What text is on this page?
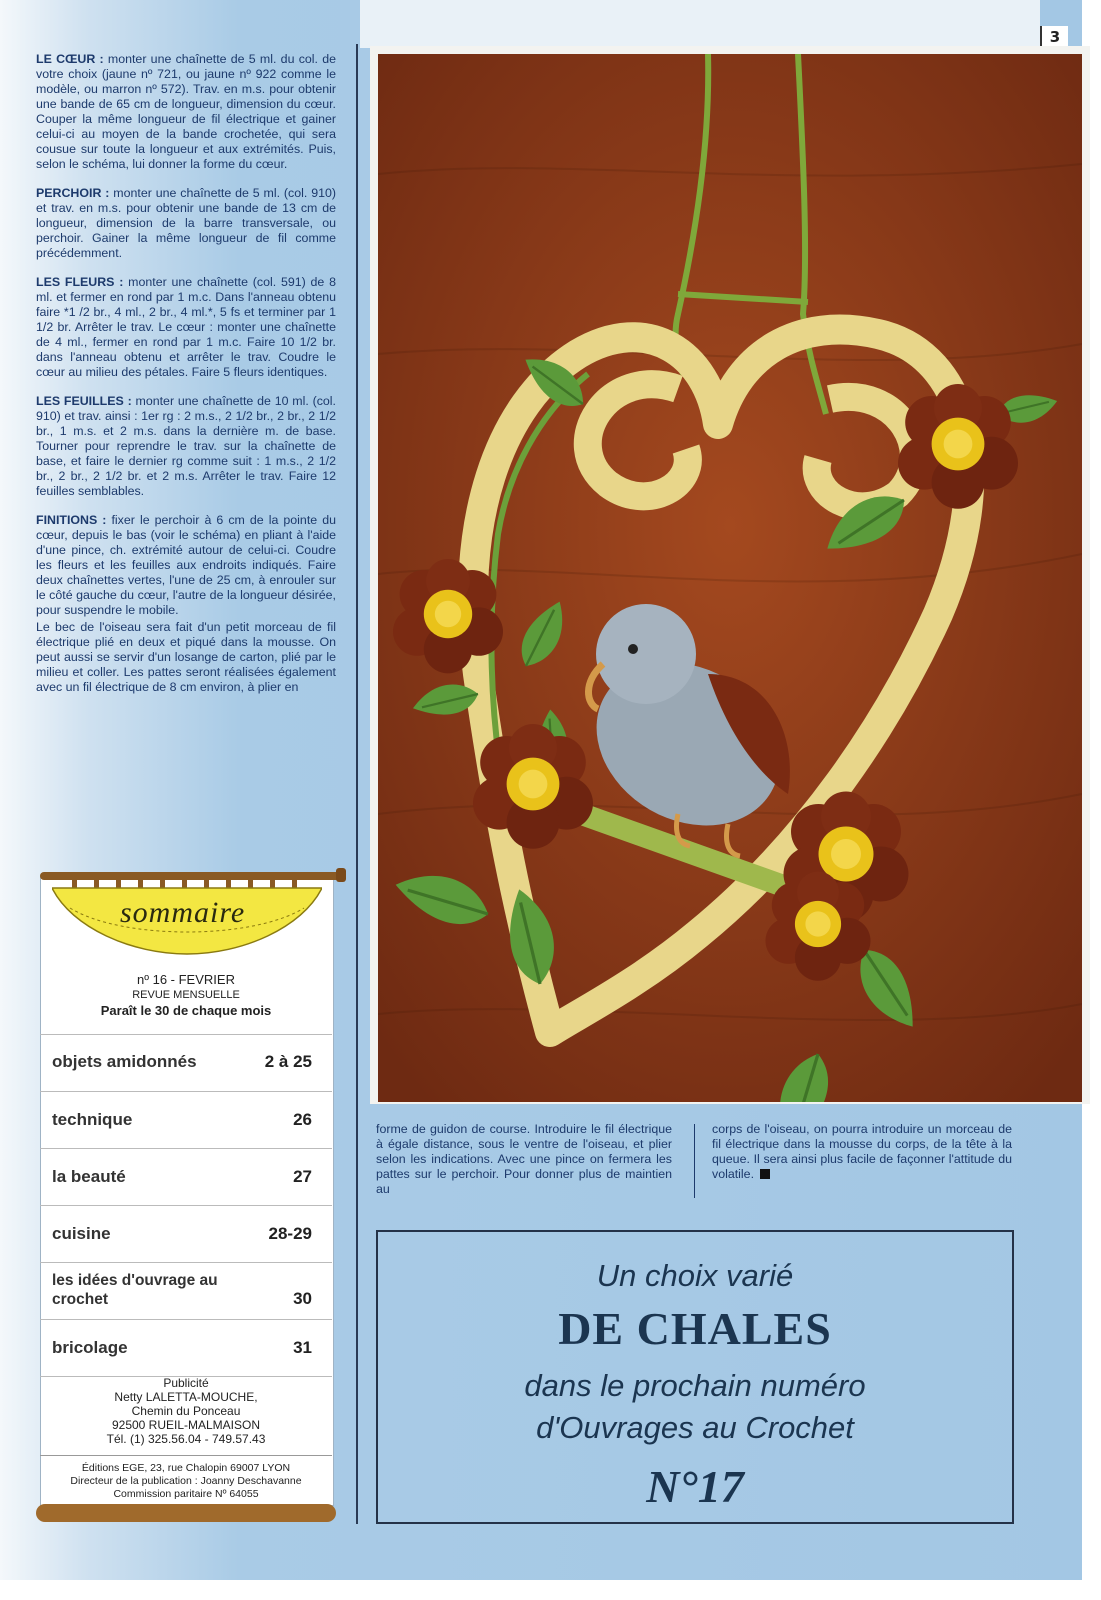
3

LE CŒUR : monter une chaînette de 5 ml. du col. de votre choix (jaune nº 721, ou jaune nº 922 comme le modèle, ou marron nº 572). Trav. en m.s. pour obtenir une bande de 65 cm de longueur, dimension du cœur. Couper la même longueur de fil électrique et gainer celui-ci au moyen de la bande crochetée, qui sera cousue sur toute la longueur et aux extrémités. Puis, selon le schéma, lui donner la forme du cœur.

PERCHOIR : monter une chaînette de 5 ml. (col. 910) et trav. en m.s. pour obtenir une bande de 13 cm de longueur, dimension de la barre transversale, ou perchoir. Gainer la même longueur de fil comme précédemment.

LES FLEURS : monter une chaînette (col. 591) de 8 ml. et fermer en rond par 1 m.c. Dans l'anneau obtenu faire *1 /2 br., 4 ml., 2 br., 4 ml.*, 5 fs et terminer par 1 1/2 br. Arrêter le trav. Le cœur : monter une chaînette de 4 ml., fermer en rond par 1 m.c. Faire 10 1/2 br. dans l'anneau obtenu et arrêter le trav. Coudre le cœur au milieu des pétales. Faire 5 fleurs identiques.

LES FEUILLES : monter une chaînette de 10 ml. (col. 910) et trav. ainsi : 1er rg : 2 m.s., 2 1/2 br., 2 br., 2 1/2 br., 1 m.s. et 2 m.s. dans la dernière m. de base. Tourner pour reprendre le trav. sur la chaînette de base, et faire le dernier rg comme suit : 1 m.s., 2 1/2 br., 2 br., 2 1/2 br. et 2 m.s. Arrêter le trav. Faire 12 feuilles semblables.

FINITIONS : fixer le perchoir à 6 cm de la pointe du cœur, depuis le bas (voir le schéma) en pliant à l'aide d'une pince, ch. extrémité autour de celui-ci. Coudre les fleurs et les feuilles aux endroits indiqués. Faire deux chaînettes vertes, l'une de 25 cm, à enrouler sur le côté gauche du cœur, l'autre de la longueur désirée, pour suspendre le mobile.

Le bec de l'oiseau sera fait d'un petit morceau de fil électrique plié en deux et piqué dans la mousse. On peut aussi se servir d'un losange de carton, plié par le milieu et coller. Les pattes seront réalisées également avec un fil électrique de 8 cm environ, à plier en

forme de guidon de course. Introduire le fil électrique à égale distance, sous le ventre de l'oiseau, et plier selon les indications. Avec une pince on fermera les pattes sur le perchoir. Pour donner plus de maintien au
corps de l'oiseau, on pourra introduire un morceau de fil électrique dans la mousse du corps, de la tête à la queue. Il sera ainsi plus facile de façonner l'attitude du volatile.
Un choix varié
DE CHALES
dans le prochain numéro
d'Ouvrages au Crochet
N°17
sommaire
nº 16 - FEVRIER
REVUE MENSUELLE
Paraît le 30 de chaque mois
objets amidonnés	2 à 25
technique	26
la beauté	27
cuisine	28-29
les idées d'ouvrage au crochet	30
bricolage	31
Publicité
Netty LALETTA-MOUCHE,
Chemin du Ponceau
92500 RUEIL-MALMAISON
Tél. (1) 325.56.04 - 749.57.43
Éditions EGE, 23, rue Chalopin 69007 LYON
Directeur de la publication : Joanny Deschavanne
Commission paritaire Nº 64055
